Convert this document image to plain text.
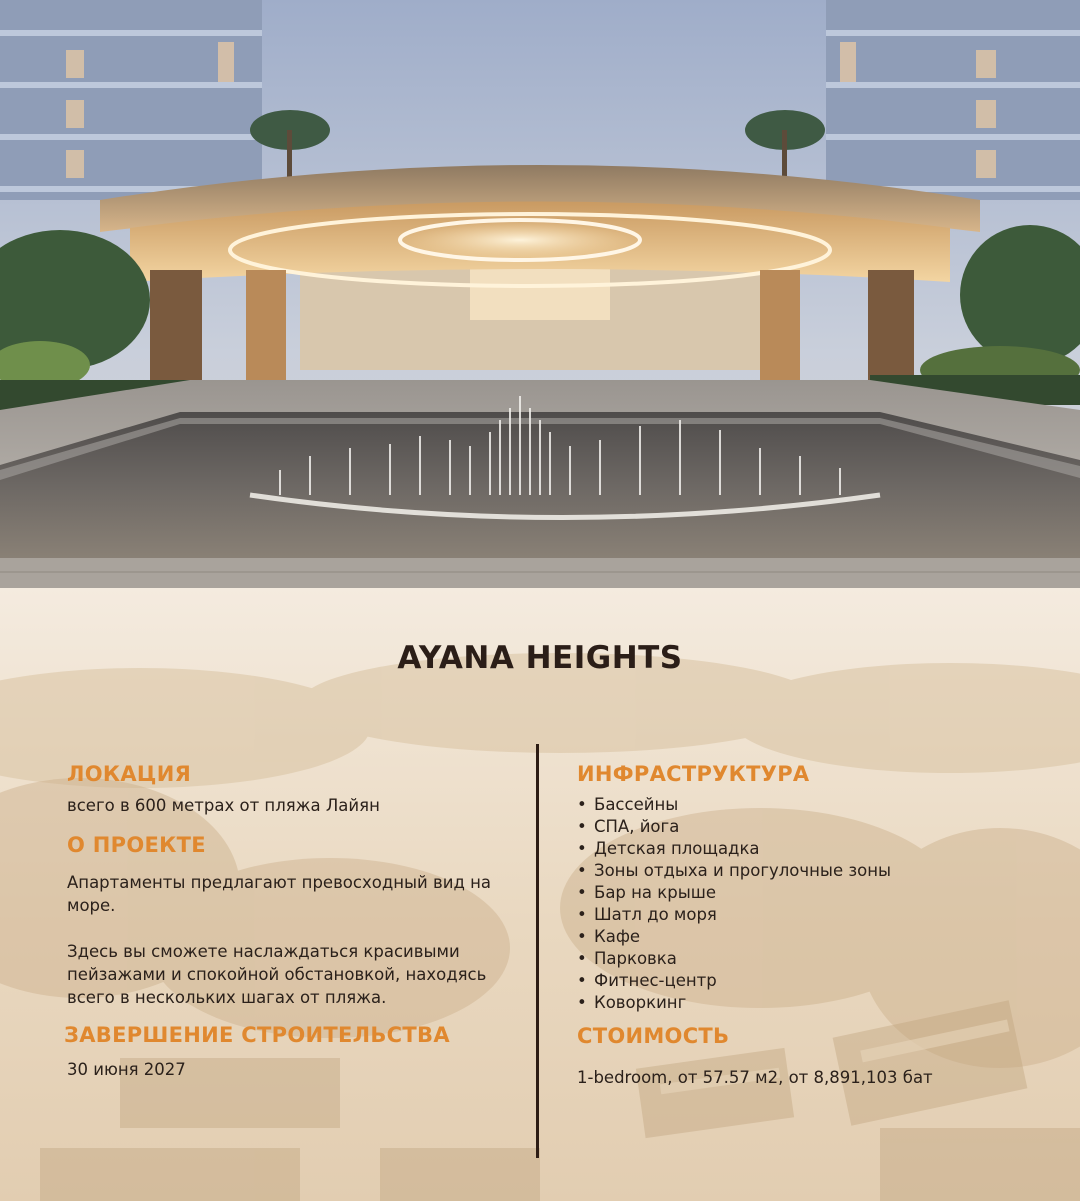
AYANA HEIGHTS
ЛОКАЦИЯ
всего в 600 метрах от пляжа Лайян
О ПРОЕКТЕ
Апартаменты предлагают превосходный вид на море.
Здесь вы сможете наслаждаться красивыми пейзажами и спокойной обстановкой, находясь всего в нескольких шагах от пляжа.
ЗАВЕРШЕНИЕ СТРОИТЕЛЬСТВА
30 июня 2027
ИНФРАСТРУКТУРА
• Бассейны
• СПА, йога
• Детская площадка
• Зоны отдыха и прогулочные зоны
• Бар на крыше
• Шатл до моря
• Кафе
• Парковка
• Фитнес-центр
• Коворкинг
СТОИМОСТЬ
1-bedroom, от 57.57 м2, от 8,891,103 бат
